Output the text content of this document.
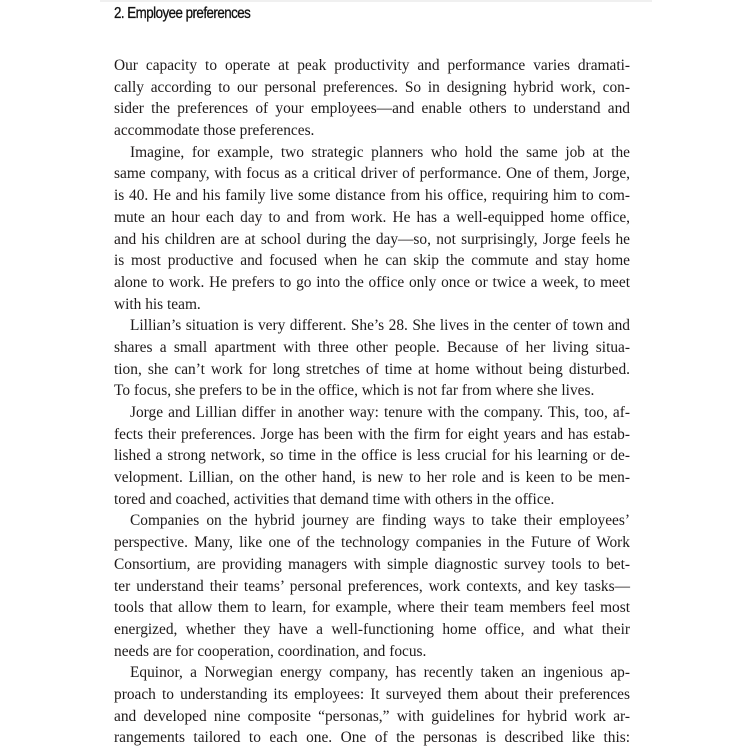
2. Employee preferences

Our capacity to operate at peak productivity and performance varies dramati-
cally according to our personal preferences. So in designing hybrid work, con-
sider the preferences of your employees—and enable others to understand and
accommodate those preferences.

Imagine, for example, two strategic planners who hold the same job at the
same company, with focus as a critical driver of performance. One of them, Jorge,
is 40. He and his family live some distance from his office, requiring him to com-
mute an hour each day to and from work. He has a well-equipped home office,
and his children are at school during the day—so, not surprisingly, Jorge feels he
is most productive and focused when he can skip the commute and stay home
alone to work. He prefers to go into the office only once or twice a week, to meet
with his team.

Lillian’s situation is very different. She’s 28. She lives in the center of town and
shares a small apartment with three other people. Because of her living situa-
tion, she can’t work for long stretches of time at home without being disturbed.
To focus, she prefers to be in the office, which is not far from where she lives.

Jorge and Lillian differ in another way: tenure with the company. This, too, af-
fects their preferences. Jorge has been with the firm for eight years and has estab-
lished a strong network, so time in the office is less crucial for his learning or de-
velopment. Lillian, on the other hand, is new to her role and is keen to be men-
tored and coached, activities that demand time with others in the office.

Companies on the hybrid journey are finding ways to take their employees’
perspective. Many, like one of the technology companies in the Future of Work
Consortium, are providing managers with simple diagnostic survey tools to bet-
ter understand their teams’ personal preferences, work contexts, and key tasks—
tools that allow them to learn, for example, where their team members feel most
energized, whether they have a well-functioning home office, and what their
needs are for cooperation, coordination, and focus.

Equinor, a Norwegian energy company, has recently taken an ingenious ap-
proach to understanding its employees: It surveyed them about their preferences
and developed nine composite “personas,” with guidelines for hybrid work ar-
rangements tailored to each one. One of the personas is described like this:
